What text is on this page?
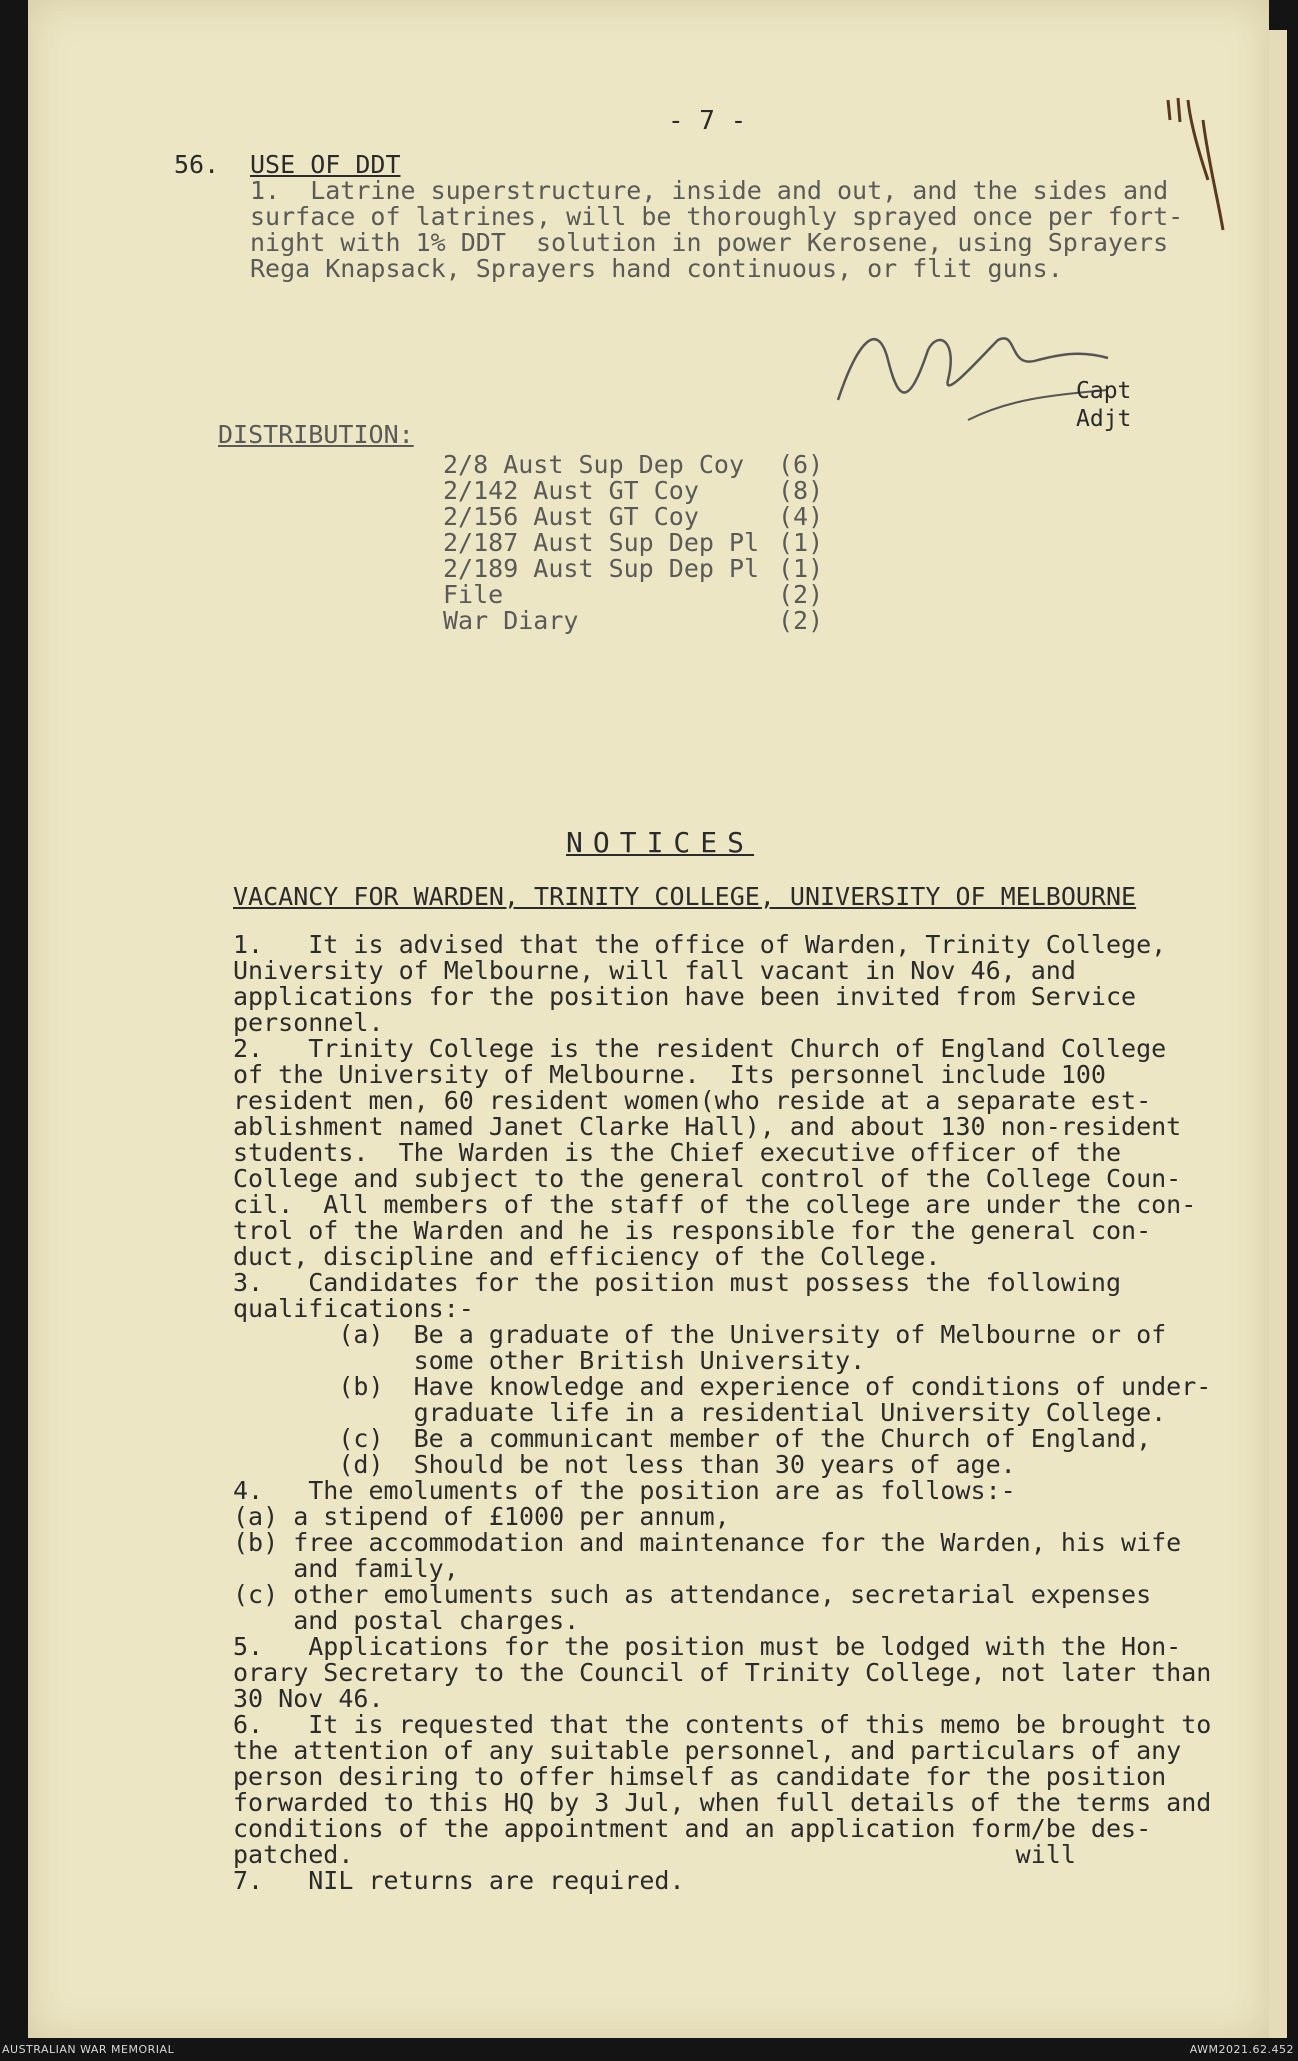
- 7 -
56. USE OF DDT
1.  Latrine superstructure, inside and out, and the sides and
surface of latrines, will be thoroughly sprayed once per fort-
night with 1% DDT  solution in power Kerosene, using Sprayers
Rega Knapsack, Sprayers hand continuous, or flit guns.
Capt
Adjt
DISTRIBUTION:
2/8 Aust Sup Dep Coy (6)
2/142 Aust GT Coy	(8)
2/156 Aust GT Coy	(4)
2/187 Aust Sup Dep Pl (1)
2/189 Aust Sup Dep Pl (1)
File	(2)
War Diary	(2)
NOTICES
VACANCY FOR WARDEN, TRINITY COLLEGE, UNIVERSITY OF MELBOURNE
1.   It is advised that the office of Warden, Trinity College,
University of Melbourne, will fall vacant in Nov 46, and
applications for the position have been invited from Service
personnel.
2.   Trinity College is the resident Church of England College
of the University of Melbourne.  Its personnel include 100
resident men, 60 resident women(who reside at a separate est-
ablishment named Janet Clarke Hall), and about 130 non-resident
students.  The Warden is the Chief executive officer of the
College and subject to the general control of the College Coun-
cil.  All members of the staff of the college are under the con-
trol of the Warden and he is responsible for the general con-
duct, discipline and efficiency of the College.
3.   Candidates for the position must possess the following
qualifications:-
(a)  Be a graduate of the University of Melbourne or of
some other British University.
(b)  Have knowledge and experience of conditions of under-
graduate life in a residential University College.
(c)  Be a communicant member of the Church of England,
(d)  Should be not less than 30 years of age.
4.   The emoluments of the position are as follows:-
(a) a stipend of £1000 per annum,
(b) free accommodation and maintenance for the Warden, his wife
and family,
(c) other emoluments such as attendance, secretarial expenses
and postal charges.
5.   Applications for the position must be lodged with the Hon-
orary Secretary to the Council of Trinity College, not later than
30 Nov 46.
6.   It is requested that the contents of this memo be brought to
the attention of any suitable personnel, and particulars of any
person desiring to offer himself as candidate for the position
forwarded to this HQ by 3 Jul, when full details of the terms and
conditions of the appointment and an application form/be des-
patched.                                            will
7.   NIL returns are required.
AUSTRALIAN WAR MEMORIAL	AWM2021.62.452
